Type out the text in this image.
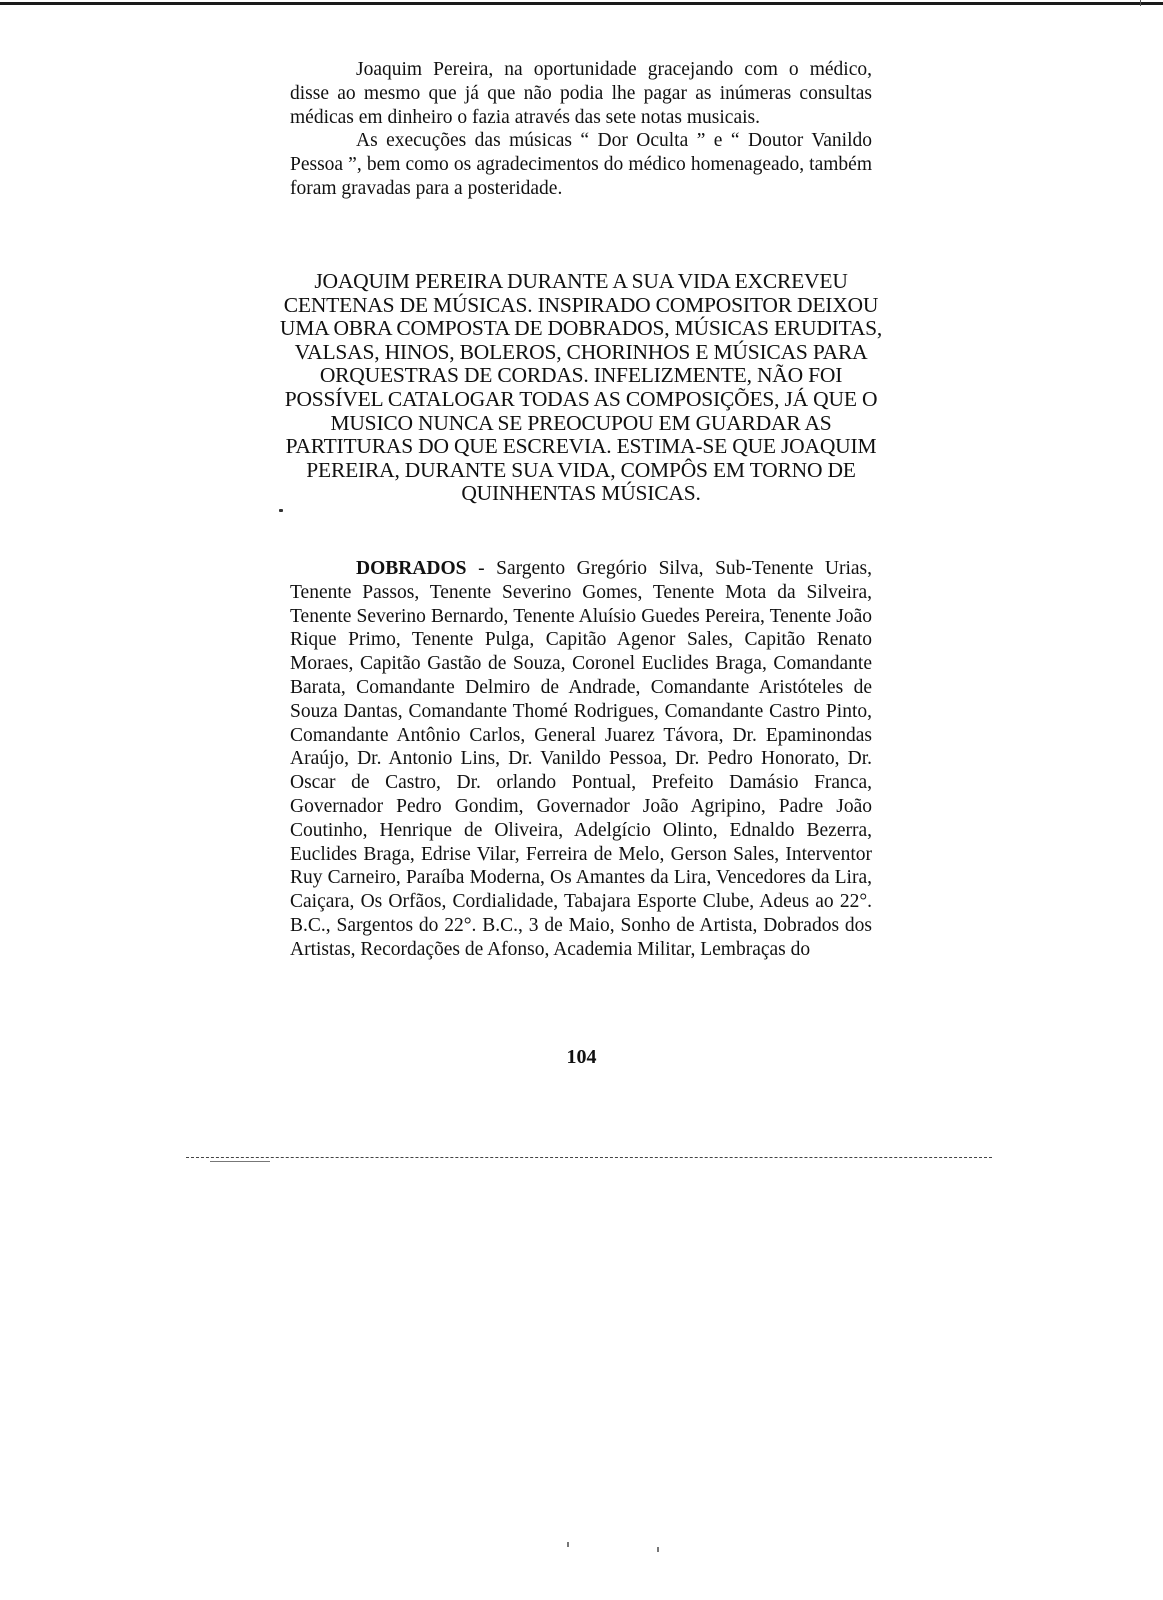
Joaquim Pereira, na oportunidade gracejando com o médico, disse ao mesmo que já que não podia lhe pagar as inúmeras consultas médicas em dinheiro o fazia através das sete notas musicais.

As execuções das músicas “ Dor Oculta ” e “ Doutor Vanildo Pessoa ”, bem como os agradecimentos do médico homenageado, também foram gravadas para a posteridade.

JOAQUIM PEREIRA DURANTE A SUA VIDA EXCREVEU CENTENAS DE MÚSICAS. INSPIRADO COMPOSITOR DEIXOU UMA OBRA COMPOSTA DE DOBRADOS, MÚSICAS ERUDITAS, VALSAS, HINOS, BOLEROS, CHORINHOS E MÚSICAS PARA ORQUESTRAS DE CORDAS. INFELIZMENTE, NÃO FOI POSSÍVEL CATALOGAR TODAS AS COMPOSIÇÕES, JÁ QUE O MUSICO NUNCA SE PREOCUPOU EM GUARDAR AS PARTITURAS DO QUE ESCREVIA. ESTIMA-SE QUE JOAQUIM PEREIRA, DURANTE SUA VIDA, COMPÔS EM TORNO DE QUINHENTAS MÚSICAS.
DOBRADOS - Sargento Gregório Silva, Sub-Tenente Urias, Tenente Passos, Tenente Severino Gomes, Tenente Mota da Silveira, Tenente Severino Bernardo, Tenente Aluísio Guedes Pereira, Tenente João Rique Primo, Tenente Pulga, Capitão Agenor Sales, Capitão Renato Moraes, Capitão Gastão de Souza, Coronel Euclides Braga, Comandante Barata, Comandante Delmiro de Andrade, Comandante Aristóteles de Souza Dantas, Comandante Thomé Rodrigues, Comandante Castro Pinto, Comandante Antônio Carlos, General Juarez Távora, Dr. Epaminondas Araújo, Dr. Antonio Lins, Dr. Vanildo Pessoa, Dr. Pedro Honorato, Dr. Oscar de Castro, Dr. orlando Pontual, Prefeito Damásio Franca, Governador Pedro Gondim, Governador João Agripino, Padre João Coutinho, Henrique de Oliveira, Adelgício Olinto, Ednaldo Bezerra, Euclides Braga, Edrise Vilar, Ferreira de Melo, Gerson Sales, Interventor Ruy Carneiro, Paraíba Moderna, Os Amantes da Lira, Vencedores da Lira, Caiçara, Os Orfãos, Cordialidade, Tabajara Esporte Clube, Adeus ao 22°. B.C., Sargentos do 22°. B.C., 3 de Maio, Sonho de Artista, Dobrados dos Artistas, Recordações de Afonso, Academia Militar, Lembraças do
104
